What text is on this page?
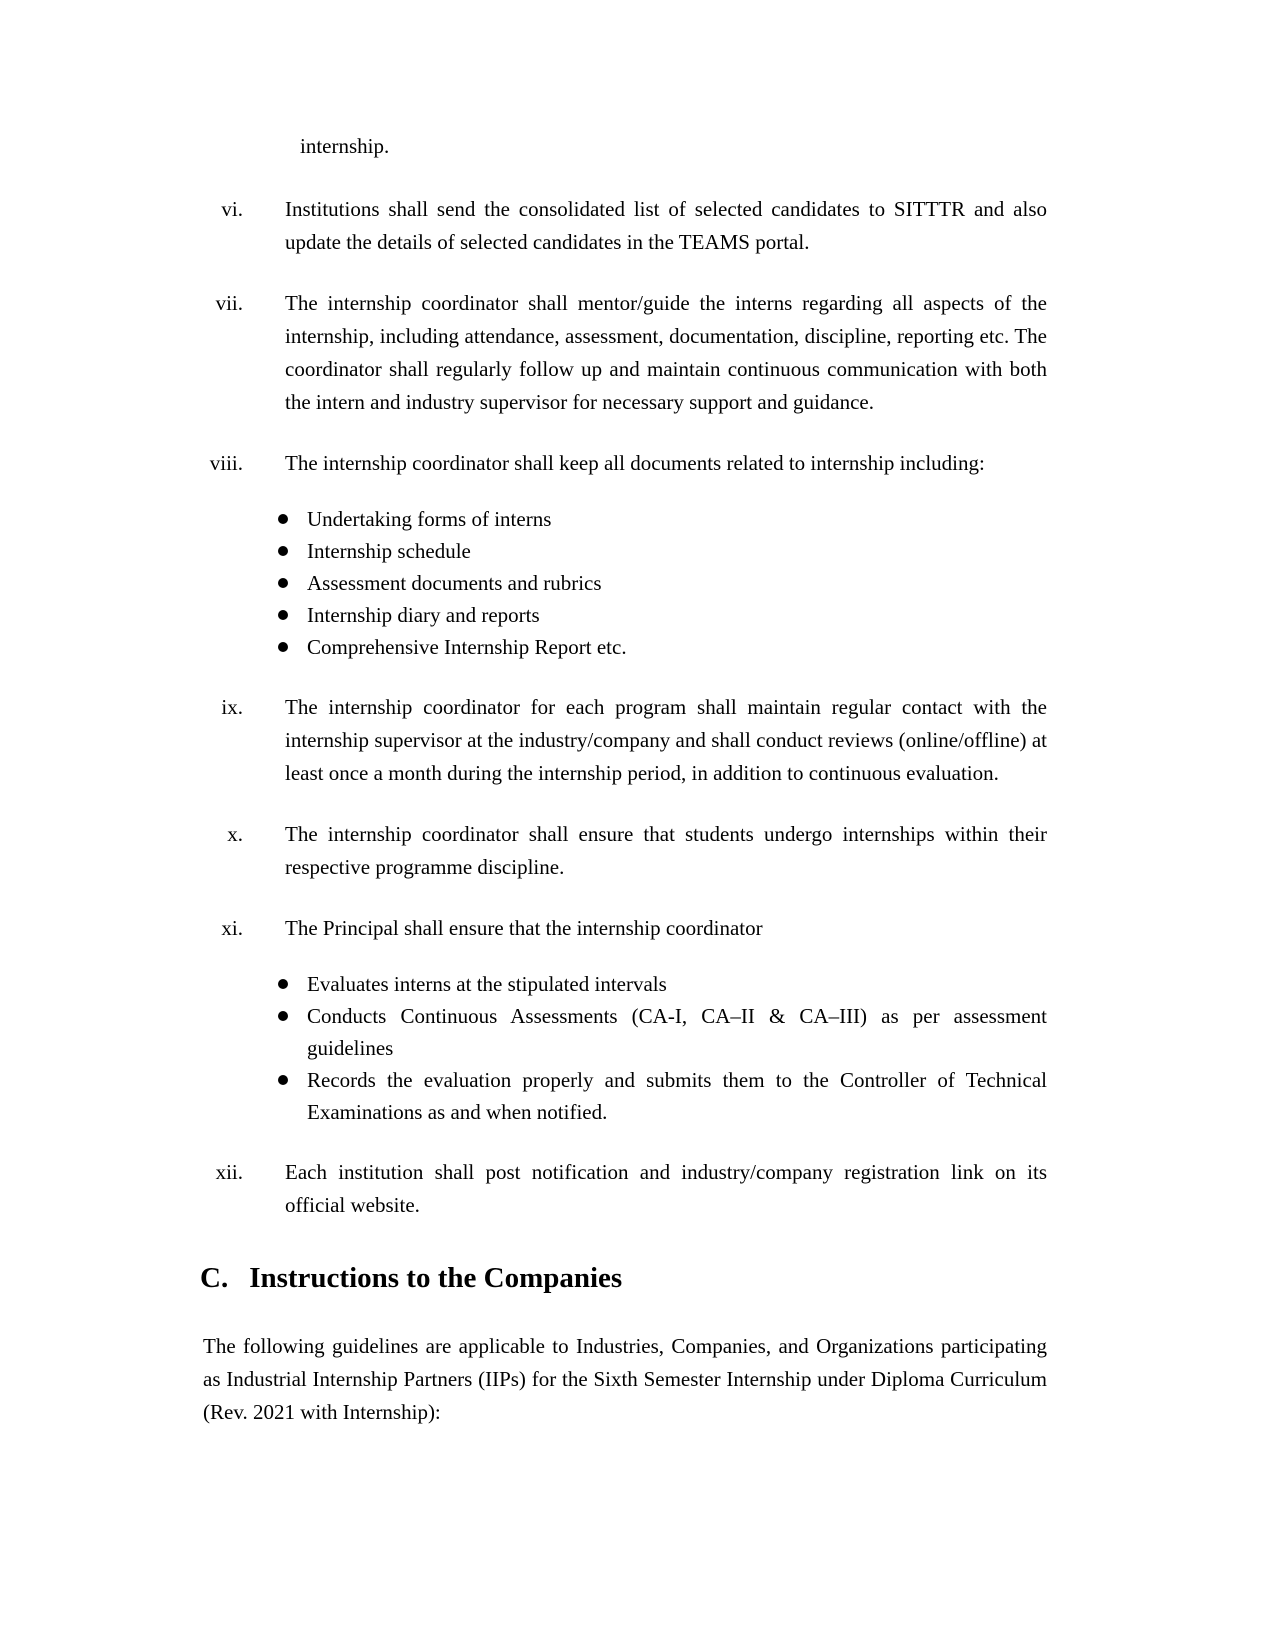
internship.
vi. Institutions shall send the consolidated list of selected candidates to SITTTR and also update the details of selected candidates in the TEAMS portal.
vii. The internship coordinator shall mentor/guide the interns regarding all aspects of the internship, including attendance, assessment, documentation, discipline, reporting etc. The coordinator shall regularly follow up and maintain continuous communication with both the intern and industry supervisor for necessary support and guidance.
viii. The internship coordinator shall keep all documents related to internship including:
Undertaking forms of interns
Internship schedule
Assessment documents and rubrics
Internship diary and reports
Comprehensive Internship Report etc.
ix. The internship coordinator for each program shall maintain regular contact with the internship supervisor at the industry/company and shall conduct reviews (online/offline) at least once a month during the internship period, in addition to continuous evaluation.
x. The internship coordinator shall ensure that students undergo internships within their respective programme discipline.
xi. The Principal shall ensure that the internship coordinator
Evaluates interns at the stipulated intervals
Conducts Continuous Assessments (CA-I, CA–II & CA–III) as per assessment guidelines
Records the evaluation properly and submits them to the Controller of Technical Examinations as and when notified.
xii. Each institution shall post notification and industry/company registration link on its official website.
C. Instructions to the Companies
The following guidelines are applicable to Industries, Companies, and Organizations participating as Industrial Internship Partners (IIPs) for the Sixth Semester Internship under Diploma Curriculum (Rev. 2021 with Internship):
